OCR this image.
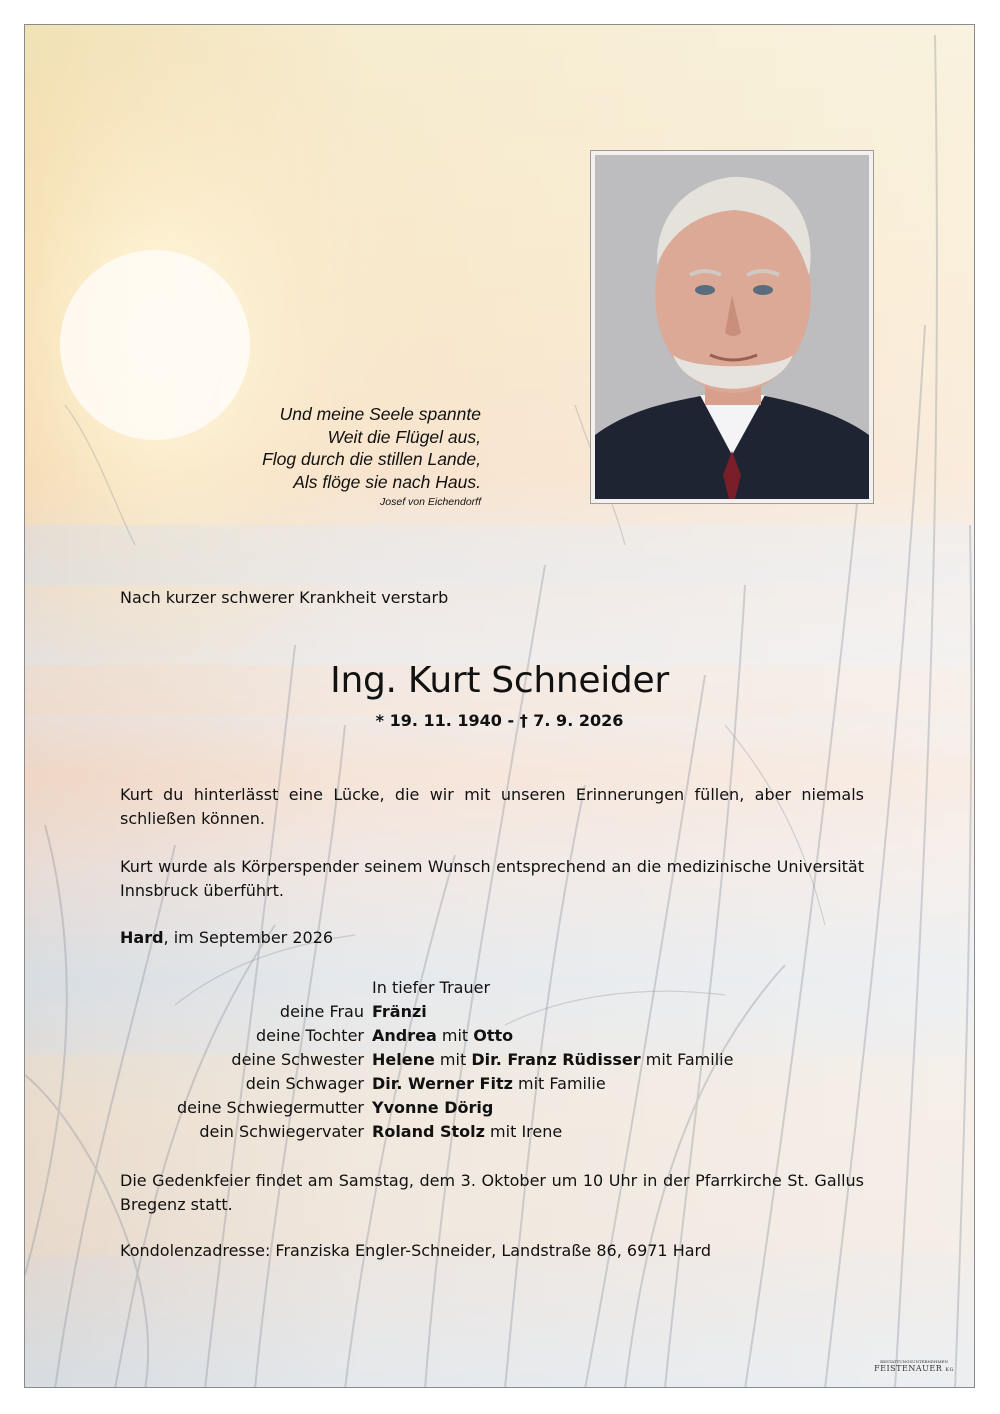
Und meine Seele spannte
Weit die Flügel aus,
Flog durch die stillen Lande,
Als flöge sie nach Haus.
Josef von Eichendorff
Nach kurzer schwerer Krankheit verstarb
Ing. Kurt Schneider
* 19. 11. 1940 - † 7. 9. 2026
Kurt du hinterlässt eine Lücke, die wir mit unseren Erinnerungen füllen, aber niemals schließen können.
Kurt wurde als Körperspender seinem Wunsch entsprechend an die medizinische Universität Innsbruck überführt.
Hard, im September 2026
In tiefer Trauer
deine Frau Fränzi
deine Tochter Andrea mit Otto
deine Schwester Helene mit Dir. Franz Rüdisser mit Familie
dein Schwager Dir. Werner Fitz mit Familie
deine Schwiegermutter Yvonne Dörig
dein Schwiegervater Roland Stolz mit Irene
Die Gedenkfeier findet am Samstag, dem 3. Oktober um 10 Uhr in der Pfarrkirche St. Gallus Bregenz statt.
Kondolenzadresse: Franziska Engler-Schneider, Landstraße 86, 6971 Hard
BESTATTUNGSUNTERNEHMEN
FEISTENAUER KG
